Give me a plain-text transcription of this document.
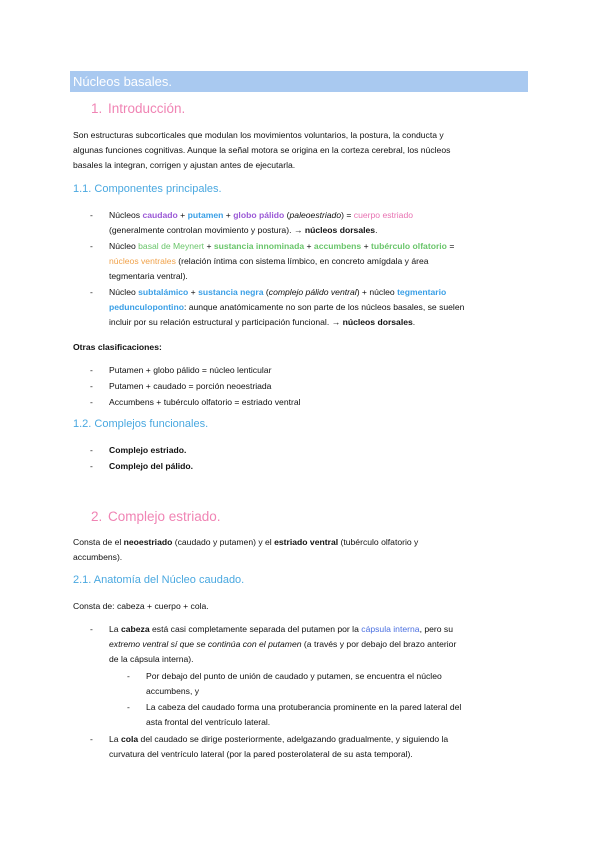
Núcleos basales.
1. Introducción.
Son estructuras subcorticales que modulan los movimientos voluntarios, la postura, la conducta y
algunas funciones cognitivas. Aunque la señal motora se origina en la corteza cerebral, los núcleos
basales la integran, corrigen y ajustan antes de ejecutarla.
1.1. Componentes principales.
- Núcleos caudado + putamen + globo pálido (paleoestriado) = cuerpo estriado
(generalmente controlan movimiento y postura). → núcleos dorsales.
- Núcleo basal de Meynert + sustancia innominada + accumbens + tubérculo olfatorio =
núcleos ventrales (relación íntima con sistema límbico, en concreto amígdala y área
tegmentaria ventral).
- Núcleo subtalámico + sustancia negra (complejo pálido ventral) + núcleo tegmentario
pedunculopontino: aunque anatómicamente no son parte de los núcleos basales, se suelen
incluir por su relación estructural y participación funcional. → núcleos dorsales.
Otras clasificaciones:
- Putamen + globo pálido = núcleo lenticular
- Putamen + caudado = porción neoestriada
- Accumbens + tubérculo olfatorio = estriado ventral
1.2. Complejos funcionales.
- Complejo estriado.
- Complejo del pálido.
2. Complejo estriado.
Consta de el neoestriado (caudado y putamen) y el estriado ventral (tubérculo olfatorio y
accumbens).
2.1. Anatomía del Núcleo caudado.
Consta de: cabeza + cuerpo + cola.
- La cabeza está casi completamente separada del putamen por la cápsula interna, pero su
extremo ventral sí que se continúa con el putamen (a través y por debajo del brazo anterior
de la cápsula interna).
- Por debajo del punto de unión de caudado y putamen, se encuentra el núcleo
accumbens, y
- La cabeza del caudado forma una protuberancia prominente en la pared lateral del
asta frontal del ventrículo lateral.
- La cola del caudado se dirige posteriormente, adelgazando gradualmente, y siguiendo la
curvatura del ventrículo lateral (por la pared posterolateral de su asta temporal).
